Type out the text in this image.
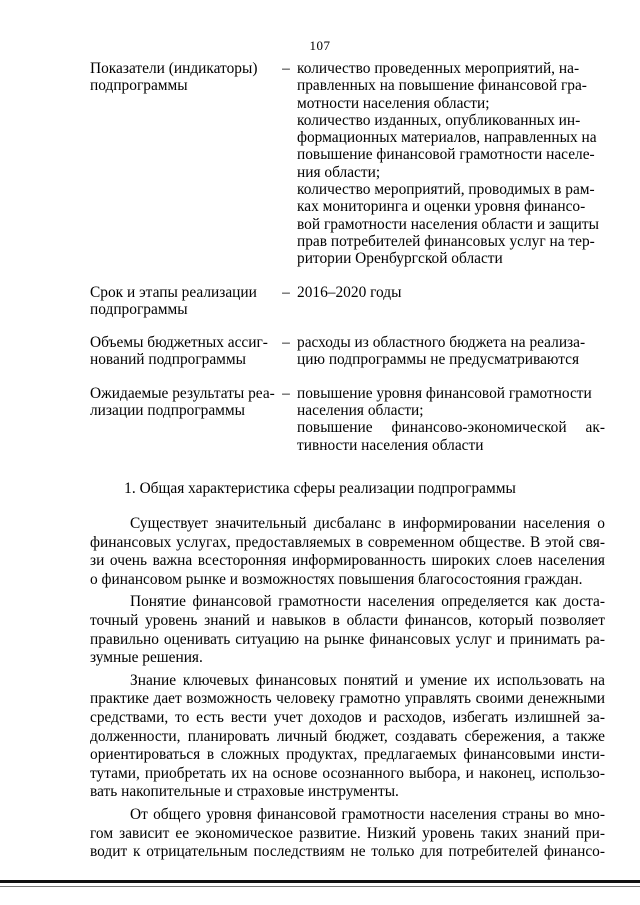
107
Показатели (индикаторы)
подпрограммы
– количество проведенных мероприятий, на-
правленных на повышение финансовой гра-
мотности населения области;
количество изданных, опубликованных ин-
формационных материалов, направленных на
повышение финансовой грамотности населе-
ния области;
количество мероприятий, проводимых в рам-
ках мониторинга и оценки уровня финансо-
вой грамотности населения области и защиты
прав потребителей финансовых услуг на тер-
ритории Оренбургской области
Срок и этапы реализации
подпрограммы
– 2016–2020 годы
Объемы бюджетных ассиг-
нований подпрограммы
– расходы из областного бюджета на реализа-
цию подпрограммы не предусматриваются
Ожидаемые результаты реа-
лизации подпрограммы
– повышение уровня финансовой грамотности
населения области;
повышение финансово-экономической ак-
тивности населения области
1. Общая характеристика сферы реализации подпрограммы
Существует значительный дисбаланс в информировании населения о
финансовых услугах, предоставляемых в современном обществе. В этой свя-
зи очень важна всесторонняя информированность широких слоев населения
о финансовом рынке и возможностях повышения благосостояния граждан.
Понятие финансовой грамотности населения определяется как доста-
точный уровень знаний и навыков в области финансов, который позволяет
правильно оценивать ситуацию на рынке финансовых услуг и принимать ра-
зумные решения.
Знание ключевых финансовых понятий и умение их использовать на
практике дает возможность человеку грамотно управлять своими денежными
средствами, то есть вести учет доходов и расходов, избегать излишней за-
долженности, планировать личный бюджет, создавать сбережения, а также
ориентироваться в сложных продуктах, предлагаемых финансовыми инсти-
тутами, приобретать их на основе осознанного выбора, и наконец, использо-
вать накопительные и страховые инструменты.
От общего уровня финансовой грамотности населения страны во мно-
гом зависит ее экономическое развитие. Низкий уровень таких знаний при-
водит к отрицательным последствиям не только для потребителей финансо-
